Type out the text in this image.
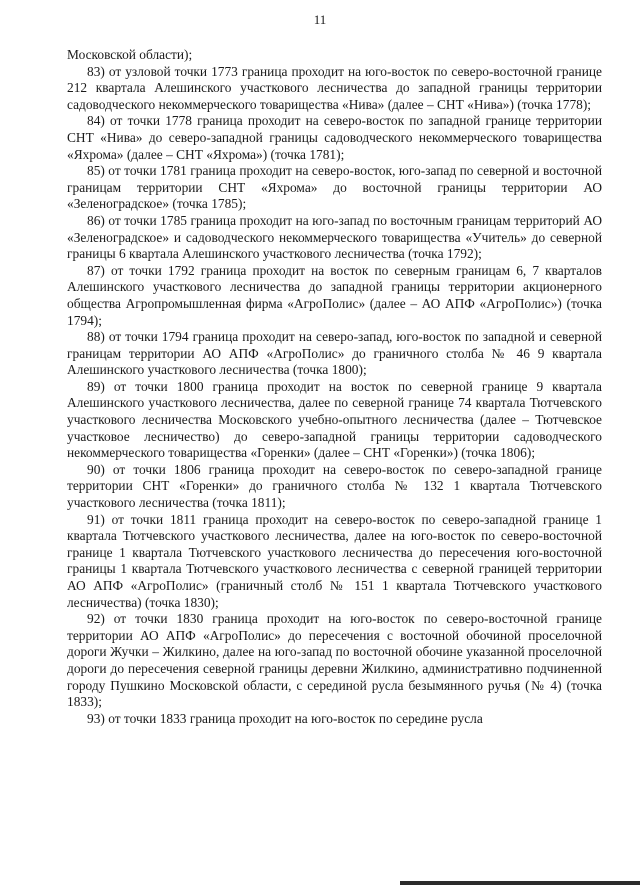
11

Московской области);

83) от узловой точки 1773 граница проходит на юго-восток по северо-восточной границе 212 квартала Алешинского участкового лесничества до западной границы территории садоводческого некоммерческого товарищества «Нива» (далее – СНТ «Нива») (точка 1778);

84) от точки 1778 граница проходит на северо-восток по западной границе территории СНТ «Нива» до северо-западной границы садоводческого некоммерческого товарищества «Яхрома» (далее – СНТ «Яхрома») (точка 1781);

85) от точки 1781 граница проходит на северо-восток, юго-запад по северной и восточной границам территории СНТ «Яхрома» до восточной границы территории АО «Зеленоградское» (точка 1785);

86) от точки 1785 граница проходит на юго-запад по восточным границам территорий АО «Зеленоградское» и садоводческого некоммерческого товарищества «Учитель» до северной границы 6 квартала Алешинского участкового лесничества (точка 1792);

87) от точки 1792 граница проходит на восток по северным границам 6, 7 кварталов Алешинского участкового лесничества до западной границы территории акционерного общества Агропромышленная фирма «АгроПолис» (далее – АО АПФ «АгроПолис») (точка 1794);

88) от точки 1794 граница проходит на северо-запад, юго-восток по западной и северной границам территории АО АПФ «АгроПолис» до граничного столба № 46 9 квартала Алешинского участкового лесничества (точка 1800);

89) от точки 1800 граница проходит на восток по северной границе 9 квартала Алешинского участкового лесничества, далее по северной границе 74 квартала Тютчевского участкового лесничества Московского учебно-опытного лесничества (далее – Тютчевское участковое лесничество) до северо-западной границы территории садоводческого некоммерческого товарищества «Горенки» (далее – СНТ «Горенки») (точка 1806);

90) от точки 1806 граница проходит на северо-восток по северо-западной границе территории СНТ «Горенки» до граничного столба № 132 1 квартала Тютчевского участкового лесничества (точка 1811);

91) от точки 1811 граница проходит на северо-восток по северо-западной границе 1 квартала Тютчевского участкового лесничества, далее на юго-восток по северо-восточной границе 1 квартала Тютчевского участкового лесничества до пересечения юго-восточной границы 1 квартала Тютчевского участкового лесничества с северной границей территории АО АПФ «АгроПолис» (граничный столб № 151 1 квартала Тютчевского участкового лесничества) (точка 1830);

92) от точки 1830 граница проходит на юго-восток по северо-восточной границе территории АО АПФ «АгроПолис» до пересечения с восточной обочиной проселочной дороги Жучки – Жилкино, далее на юго-запад по восточной обочине указанной проселочной дороги до пересечения северной границы деревни Жилкино, административно подчиненной городу Пушкино Московской области, с серединой русла безымянного ручья (№ 4) (точка 1833);

93) от точки 1833 граница проходит на юго-восток по середине русла
